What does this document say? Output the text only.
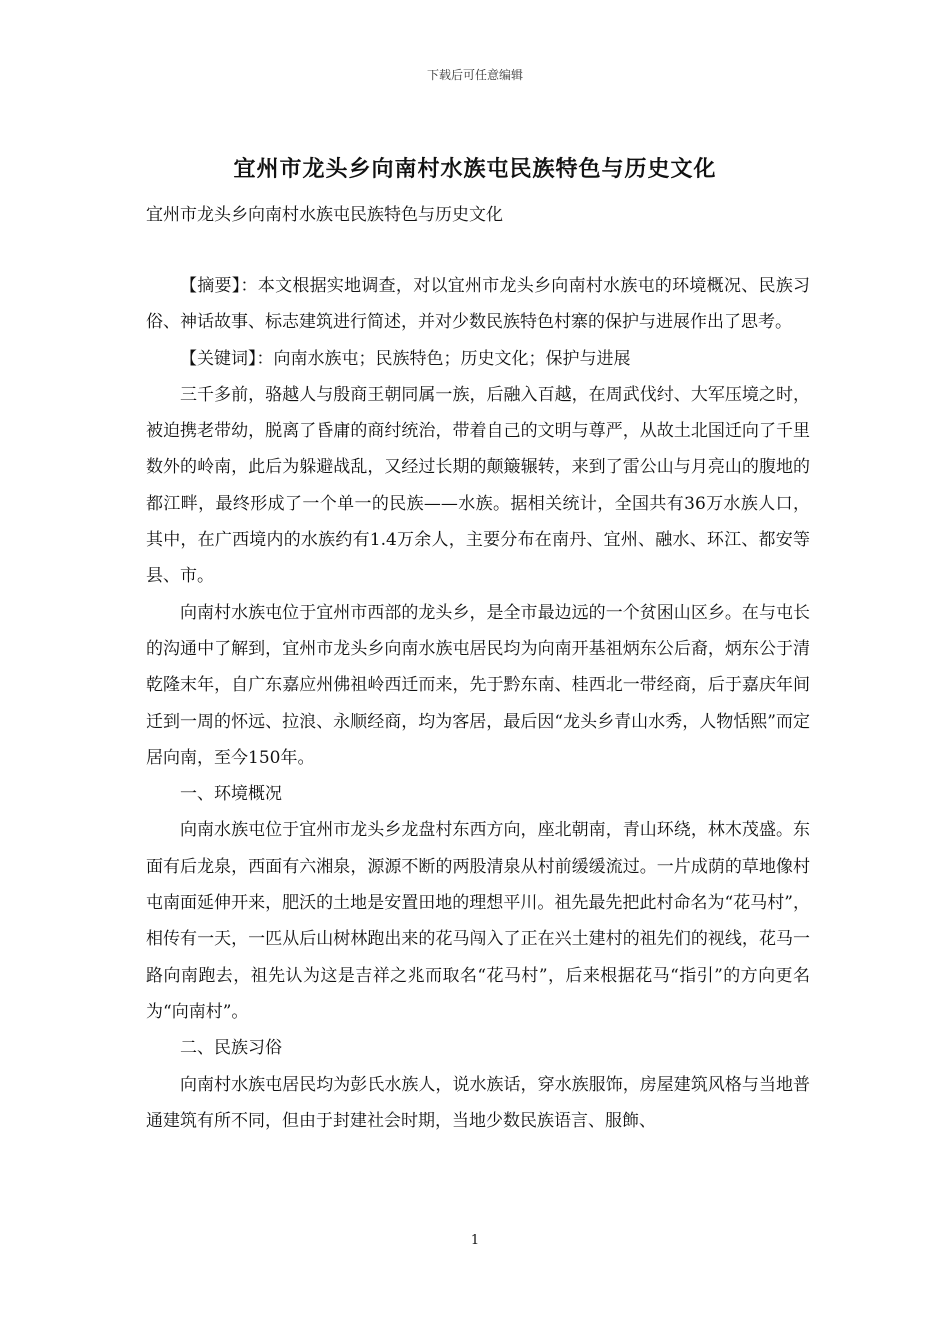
下载后可任意编辑
宜州市龙头乡向南村水族屯民族特色与历史文化
宜州市龙头乡向南村水族屯民族特色与历史文化

【摘要】：本文根据实地调查，对以宜州市龙头乡向南村水族屯的环境概况、民族习俗、神话故事、标志建筑进行简述，并对少数民族特色村寨的保护与进展作出了思考。

【关键词】：向南水族屯；民族特色；历史文化；保护与进展

三千多前，骆越人与殷商王朝同属一族，后融入百越，在周武伐纣、大军压境之时，被迫携老带幼，脱离了昏庸的商纣统治，带着自己的文明与尊严，从故土北国迁向了千里数外的岭南，此后为躲避战乱，又经过长期的颠簸辗转，来到了雷公山与月亮山的腹地的都江畔，最终形成了一个单一的民族——水族。据相关统计，全国共有36万水族人口，其中，在广西境内的水族约有1.4万余人，主要分布在南丹、宜州、融水、环江、都安等县、市。

向南村水族屯位于宜州市西部的龙头乡，是全市最边远的一个贫困山区乡。在与屯长的沟通中了解到，宜州市龙头乡向南水族屯居民均为向南开基祖炳东公后裔，炳东公于清乾隆末年，自广东嘉应州佛祖岭西迁而来，先于黔东南、桂西北一带经商，后于嘉庆年间迁到一周的怀远、拉浪、永顺经商，均为客居，最后因“龙头乡青山水秀，人物恬熙”而定居向南，至今150年。

一、环境概况

向南水族屯位于宜州市龙头乡龙盘村东西方向，座北朝南，青山环绕，林木茂盛。东面有后龙泉，西面有六湘泉，源源不断的两股清泉从村前缓缓流过。一片成荫的草地像村屯南面延伸开来，肥沃的土地是安置田地的理想平川。祖先最先把此村命名为“花马村”，相传有一天，一匹从后山树林跑出来的花马闯入了正在兴土建村的祖先们的视线，花马一路向南跑去，祖先认为这是吉祥之兆而取名“花马村”，后来根据花马“指引”的方向更名为“向南村”。

二、民族习俗

向南村水族屯居民均为彭氏水族人，说水族话，穿水族服饰，房屋建筑风格与当地普通建筑有所不同，但由于封建社会时期，当地少数民族语言、服飾、

1
